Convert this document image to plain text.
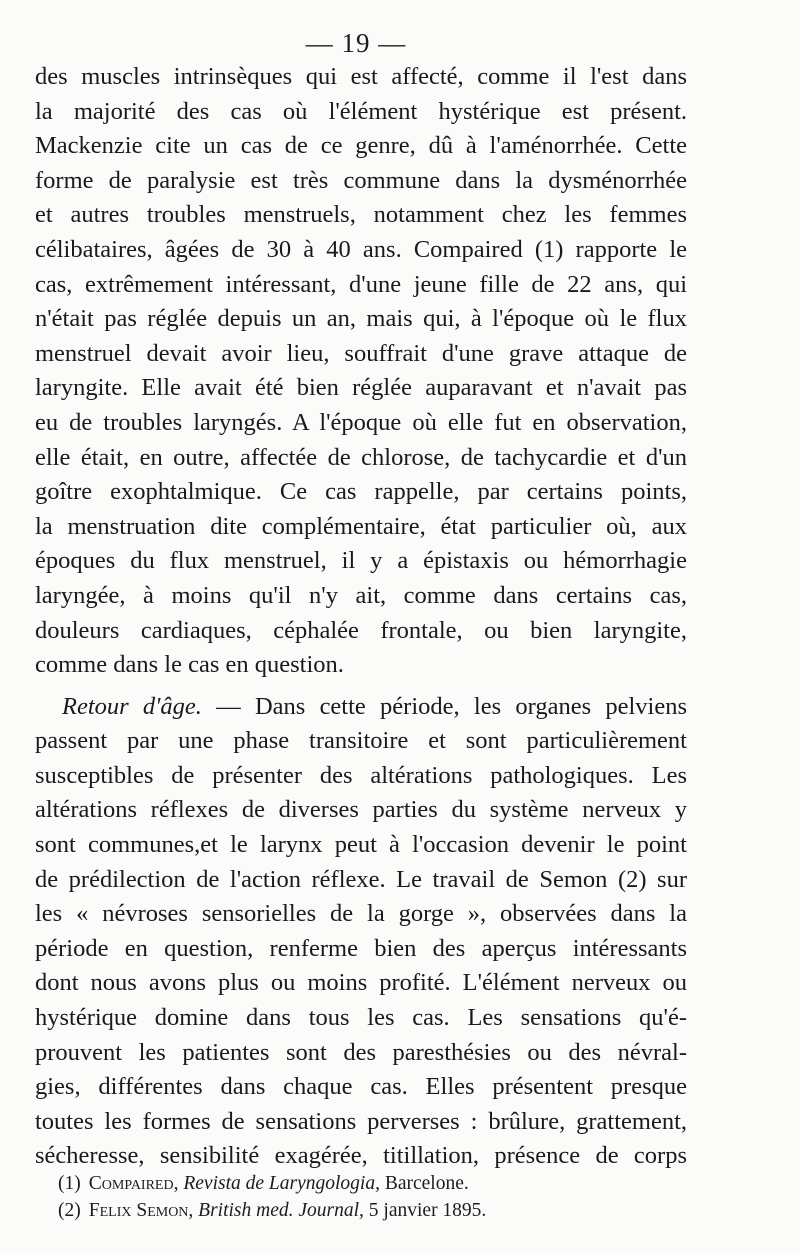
— 19 —
des muscles intrinsèques qui est affecté, comme il l'est dans
la majorité des cas où l'élément hystérique est présent.
Mackenzie cite un cas de ce genre, dû à l'aménorrhée. Cette
forme de paralysie est très commune dans la dysménorrhée
et autres troubles menstruels, notamment chez les femmes
célibataires, âgées de 30 à 40 ans. Compaired (1) rapporte le
cas, extrêmement intéressant, d'une jeune fille de 22 ans, qui
n'était pas réglée depuis un an, mais qui, à l'époque où le flux
menstruel devait avoir lieu, souffrait d'une grave attaque de
laryngite. Elle avait été bien réglée auparavant et n'avait pas
eu de troubles laryngés. A l'époque où elle fut en observation,
elle était, en outre, affectée de chlorose, de tachycardie et d'un
goître exophtalmique. Ce cas rappelle, par certains points,
la menstruation dite complémentaire, état particulier où, aux
époques du flux menstruel, il y a épistaxis ou hémorrhagie
laryngée, à moins qu'il n'y ait, comme dans certains cas,
douleurs cardiaques, céphalée frontale, ou bien laryngite,
comme dans le cas en question.
Retour d'âge. — Dans cette période, les organes pelviens
passent par une phase transitoire et sont particulièrement
susceptibles de présenter des altérations pathologiques. Les
altérations réflexes de diverses parties du système nerveux y
sont communes,et le larynx peut à l'occasion devenir le point
de prédilection de l'action réflexe. Le travail de Semon (2) sur
les « névroses sensorielles de la gorge », observées dans la
période en question, renferme bien des aperçus intéressants
dont nous avons plus ou moins profité. L'élément nerveux ou
hystérique domine dans tous les cas. Les sensations qu'é-
prouvent les patientes sont des paresthésies ou des névral-
gies, différentes dans chaque cas. Elles présentent presque
toutes les formes de sensations perverses : brûlure, grattement,
sécheresse, sensibilité exagérée, titillation, présence de corps
(1) Compaired, Revista de Laryngologia, Barcelone.
(2) Felix Semon, British med. Journal, 5 janvier 1895.
